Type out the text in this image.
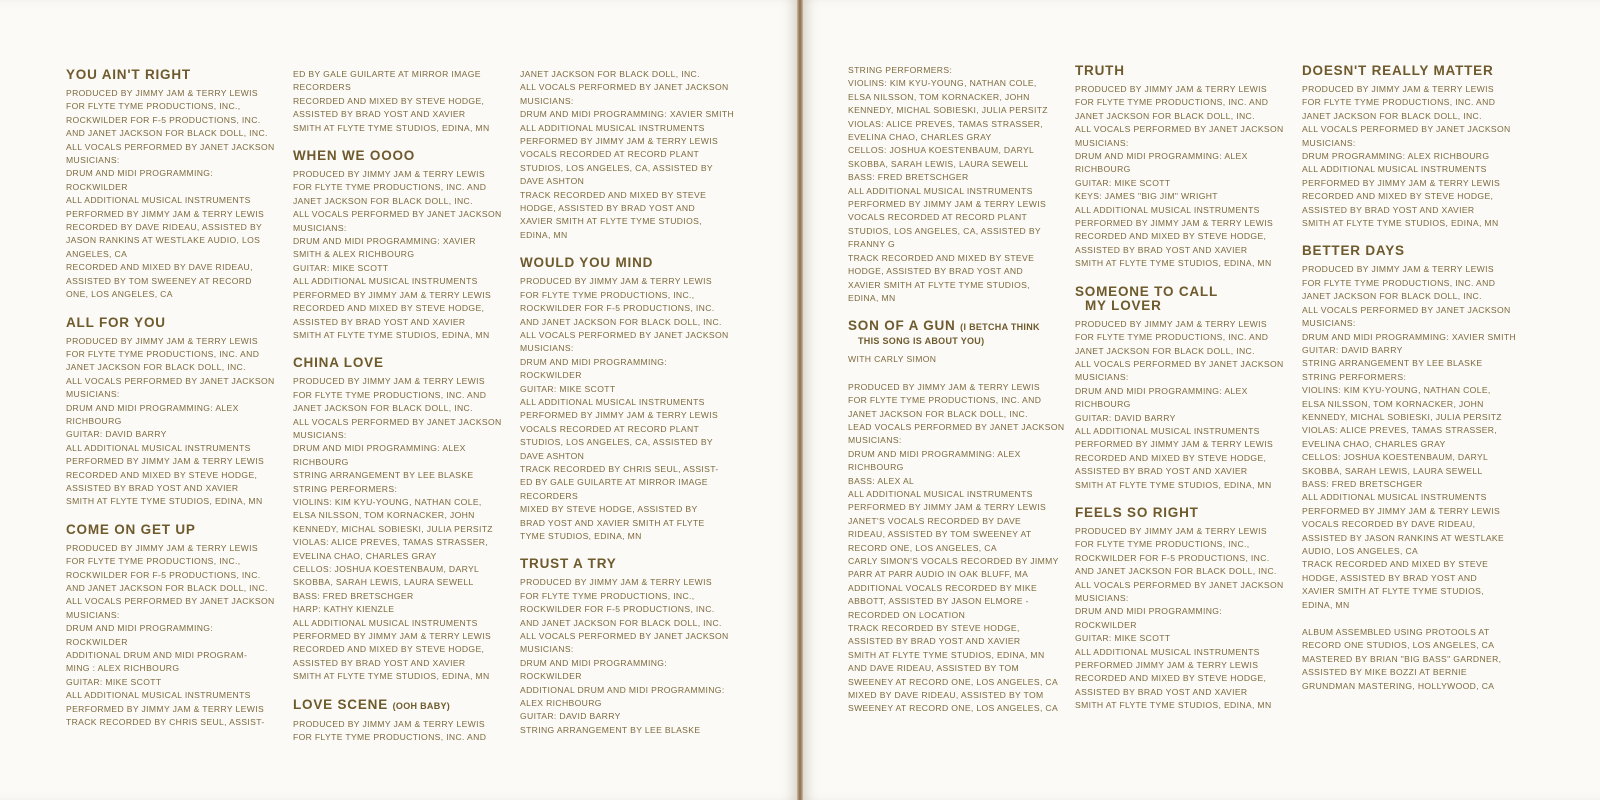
YOU AIN'T RIGHT
PRODUCED BY JIMMY JAM & TERRY LEWIS
FOR FLYTE TYME PRODUCTIONS, INC.,
ROCKWILDER FOR F-5 PRODUCTIONS, INC.
AND JANET JACKSON FOR BLACK DOLL, INC.
ALL VOCALS PERFORMED BY JANET JACKSON
MUSICIANS:
DRUM AND MIDI PROGRAMMING:
ROCKWILDER
ALL ADDITIONAL MUSICAL INSTRUMENTS
PERFORMED BY JIMMY JAM & TERRY LEWIS
RECORDED BY DAVE RIDEAU, ASSISTED BY
JASON RANKINS AT WESTLAKE AUDIO, LOS
ANGELES, CA
RECORDED AND MIXED BY DAVE RIDEAU,
ASSISTED BY TOM SWEENEY AT RECORD
ONE, LOS ANGELES, CA
ALL FOR YOU
PRODUCED BY JIMMY JAM & TERRY LEWIS
FOR FLYTE TYME PRODUCTIONS, INC. AND
JANET JACKSON FOR BLACK DOLL, INC.
ALL VOCALS PERFORMED BY JANET JACKSON
MUSICIANS:
DRUM AND MIDI PROGRAMMING: ALEX
RICHBOURG
GUITAR: DAVID BARRY
ALL ADDITIONAL MUSICAL INSTRUMENTS
PERFORMED BY JIMMY JAM & TERRY LEWIS
RECORDED AND MIXED BY STEVE HODGE,
ASSISTED BY BRAD YOST AND XAVIER
SMITH AT FLYTE TYME STUDIOS, EDINA, MN
COME ON GET UP
PRODUCED BY JIMMY JAM & TERRY LEWIS
FOR FLYTE TYME PRODUCTIONS, INC.,
ROCKWILDER FOR F-5 PRODUCTIONS, INC.
AND JANET JACKSON FOR BLACK DOLL, INC.
ALL VOCALS PERFORMED BY JANET JACKSON
MUSICIANS:
DRUM AND MIDI PROGRAMMING:
ROCKWILDER
ADDITIONAL DRUM AND MIDI PROGRAM-
MING : ALEX RICHBOURG
GUITAR: MIKE SCOTT
ALL ADDITIONAL MUSICAL INSTRUMENTS
PERFORMED BY JIMMY JAM & TERRY LEWIS
TRACK RECORDED BY CHRIS SEUL, ASSIST-
ED BY GALE GUILARTE AT MIRROR IMAGE
RECORDERS
RECORDED AND MIXED BY STEVE HODGE,
ASSISTED BY BRAD YOST AND XAVIER
SMITH AT FLYTE TYME STUDIOS, EDINA, MN
WHEN WE OOOO
PRODUCED BY JIMMY JAM & TERRY LEWIS
FOR FLYTE TYME PRODUCTIONS, INC. AND
JANET JACKSON FOR BLACK DOLL, INC.
ALL VOCALS PERFORMED BY JANET JACKSON
MUSICIANS:
DRUM AND MIDI PROGRAMMING: XAVIER
SMITH & ALEX RICHBOURG
GUITAR: MIKE SCOTT
ALL ADDITIONAL MUSICAL INSTRUMENTS
PERFORMED BY JIMMY JAM & TERRY LEWIS
RECORDED AND MIXED BY STEVE HODGE,
ASSISTED BY BRAD YOST AND XAVIER
SMITH AT FLYTE TYME STUDIOS, EDINA, MN
CHINA LOVE
PRODUCED BY JIMMY JAM & TERRY LEWIS
FOR FLYTE TYME PRODUCTIONS, INC. AND
JANET JACKSON FOR BLACK DOLL, INC.
ALL VOCALS PERFORMED BY JANET JACKSON
MUSICIANS:
DRUM AND MIDI PROGRAMMING: ALEX
RICHBOURG
STRING ARRANGEMENT BY LEE BLASKE
STRING PERFORMERS:
VIOLINS: KIM KYU-YOUNG, NATHAN COLE,
ELSA NILSSON, TOM KORNACKER, JOHN
KENNEDY, MICHAL SOBIESKI, JULIA PERSITZ
VIOLAS: ALICE PREVES, TAMAS STRASSER,
EVELINA CHAO, CHARLES GRAY
CELLOS: JOSHUA KOESTENBAUM, DARYL
SKOBBA, SARAH LEWIS, LAURA SEWELL
BASS: FRED BRETSCHGER
HARP: KATHY KIENZLE
ALL ADDITIONAL MUSICAL INSTRUMENTS
PERFORMED BY JIMMY JAM & TERRY LEWIS
RECORDED AND MIXED BY STEVE HODGE,
ASSISTED BY BRAD YOST AND XAVIER
SMITH AT FLYTE TYME STUDIOS, EDINA, MN
LOVE SCENE (OOH BABY)
PRODUCED BY JIMMY JAM & TERRY LEWIS
FOR FLYTE TYME PRODUCTIONS, INC. AND
JANET JACKSON FOR BLACK DOLL, INC.
ALL VOCALS PERFORMED BY JANET JACKSON
MUSICIANS:
DRUM AND MIDI PROGRAMMING: XAVIER SMITH
ALL ADDITIONAL MUSICAL INSTRUMENTS
PERFORMED BY JIMMY JAM & TERRY LEWIS
VOCALS RECORDED AT RECORD PLANT
STUDIOS, LOS ANGELES, CA, ASSISTED BY
DAVE ASHTON
TRACK RECORDED AND MIXED BY STEVE
HODGE, ASSISTED BY BRAD YOST AND
XAVIER SMITH AT FLYTE TYME STUDIOS,
EDINA, MN
WOULD YOU MIND
PRODUCED BY JIMMY JAM & TERRY LEWIS
FOR FLYTE TYME PRODUCTIONS, INC.,
ROCKWILDER FOR F-5 PRODUCTIONS, INC.
AND JANET JACKSON FOR BLACK DOLL, INC.
ALL VOCALS PERFORMED BY JANET JACKSON
MUSICIANS:
DRUM AND MIDI PROGRAMMING:
ROCKWILDER
GUITAR: MIKE SCOTT
ALL ADDITIONAL MUSICAL INSTRUMENTS
PERFORMED BY JIMMY JAM & TERRY LEWIS
VOCALS RECORDED AT RECORD PLANT
STUDIOS, LOS ANGELES, CA, ASSISTED BY
DAVE ASHTON
TRACK RECORDED BY CHRIS SEUL, ASSIST-
ED BY GALE GUILARTE AT MIRROR IMAGE
RECORDERS
MIXED BY STEVE HODGE, ASSISTED BY
BRAD YOST AND XAVIER SMITH AT FLYTE
TYME STUDIOS, EDINA, MN
TRUST A TRY
PRODUCED BY JIMMY JAM & TERRY LEWIS
FOR FLYTE TYME PRODUCTIONS, INC.,
ROCKWILDER FOR F-5 PRODUCTIONS, INC.
AND JANET JACKSON FOR BLACK DOLL, INC.
ALL VOCALS PERFORMED BY JANET JACKSON
MUSICIANS:
DRUM AND MIDI PROGRAMMING:
ROCKWILDER
ADDITIONAL DRUM AND MIDI PROGRAMMING:
ALEX RICHBOURG
GUITAR: DAVID BARRY
STRING ARRANGEMENT BY LEE BLASKE
STRING PERFORMERS:
VIOLINS: KIM KYU-YOUNG, NATHAN COLE,
ELSA NILSSON, TOM KORNACKER, JOHN
KENNEDY, MICHAL SOBIESKI, JULIA PERSITZ
VIOLAS: ALICE PREVES, TAMAS STRASSER,
EVELINA CHAO, CHARLES GRAY
CELLOS: JOSHUA KOESTENBAUM, DARYL
SKOBBA, SARAH LEWIS, LAURA SEWELL
BASS: FRED BRETSCHGER
ALL ADDITIONAL MUSICAL INSTRUMENTS
PERFORMED BY JIMMY JAM & TERRY LEWIS
VOCALS RECORDED AT RECORD PLANT
STUDIOS, LOS ANGELES, CA, ASSISTED BY
FRANNY G
TRACK RECORDED AND MIXED BY STEVE
HODGE, ASSISTED BY BRAD YOST AND
XAVIER SMITH AT FLYTE TYME STUDIOS,
EDINA, MN
SON OF A GUN (I BETCHA THINK
THIS SONG IS ABOUT YOU)
WITH CARLY SIMON
PRODUCED BY JIMMY JAM & TERRY LEWIS
FOR FLYTE TYME PRODUCTIONS, INC. AND
JANET JACKSON FOR BLACK DOLL, INC.
LEAD VOCALS PERFORMED BY JANET JACKSON
MUSICIANS:
DRUM AND MIDI PROGRAMMING: ALEX
RICHBOURG
BASS: ALEX AL
ALL ADDITIONAL MUSICAL INSTRUMENTS
PERFORMED BY JIMMY JAM & TERRY LEWIS
JANET'S VOCALS RECORDED BY DAVE
RIDEAU, ASSISTED BY TOM SWEENEY AT
RECORD ONE, LOS ANGELES, CA
CARLY SIMON'S VOCALS RECORDED BY JIMMY
PARR AT PARR AUDIO IN OAK BLUFF, MA
ADDITIONAL VOCALS RECORDED BY MIKE
ABBOTT, ASSISTED BY JASON ELMORE -
RECORDED ON LOCATION
TRACK RECORDED BY STEVE HODGE,
ASSISTED BY BRAD YOST AND XAVIER
SMITH AT FLYTE TYME STUDIOS, EDINA, MN
AND DAVE RIDEAU, ASSISTED BY TOM
SWEENEY AT RECORD ONE, LOS ANGELES, CA
MIXED BY DAVE RIDEAU, ASSISTED BY TOM
SWEENEY AT RECORD ONE, LOS ANGELES, CA
TRUTH
PRODUCED BY JIMMY JAM & TERRY LEWIS
FOR FLYTE TYME PRODUCTIONS, INC. AND
JANET JACKSON FOR BLACK DOLL, INC.
ALL VOCALS PERFORMED BY JANET JACKSON
MUSICIANS:
DRUM AND MIDI PROGRAMMING: ALEX
RICHBOURG
GUITAR: MIKE SCOTT
KEYS: JAMES "BIG JIM" WRIGHT
ALL ADDITIONAL MUSICAL INSTRUMENTS
PERFORMED BY JIMMY JAM & TERRY LEWIS
RECORDED AND MIXED BY STEVE HODGE,
ASSISTED BY BRAD YOST AND XAVIER
SMITH AT FLYTE TYME STUDIOS, EDINA, MN
SOMEONE TO CALL
MY LOVER
PRODUCED BY JIMMY JAM & TERRY LEWIS
FOR FLYTE TYME PRODUCTIONS, INC. AND
JANET JACKSON FOR BLACK DOLL, INC.
ALL VOCALS PERFORMED BY JANET JACKSON
MUSICIANS:
DRUM AND MIDI PROGRAMMING: ALEX
RICHBOURG
GUITAR: DAVID BARRY
ALL ADDITIONAL MUSICAL INSTRUMENTS
PERFORMED BY JIMMY JAM & TERRY LEWIS
RECORDED AND MIXED BY STEVE HODGE,
ASSISTED BY BRAD YOST AND XAVIER
SMITH AT FLYTE TYME STUDIOS, EDINA, MN
FEELS SO RIGHT
PRODUCED BY JIMMY JAM & TERRY LEWIS
FOR FLYTE TYME PRODUCTIONS, INC.,
ROCKWILDER FOR F-5 PRODUCTIONS, INC.
AND JANET JACKSON FOR BLACK DOLL, INC.
ALL VOCALS PERFORMED BY JANET JACKSON
MUSICIANS:
DRUM AND MIDI PROGRAMMING:
ROCKWILDER
GUITAR: MIKE SCOTT
ALL ADDITIONAL MUSICAL INSTRUMENTS
PERFORMED JIMMY JAM & TERRY LEWIS
RECORDED AND MIXED BY STEVE HODGE,
ASSISTED BY BRAD YOST AND XAVIER
SMITH AT FLYTE TYME STUDIOS, EDINA, MN
DOESN'T REALLY MATTER
PRODUCED BY JIMMY JAM & TERRY LEWIS
FOR FLYTE TYME PRODUCTIONS, INC. AND
JANET JACKSON FOR BLACK DOLL, INC.
ALL VOCALS PERFORMED BY JANET JACKSON
MUSICIANS:
DRUM PROGRAMMING: ALEX RICHBOURG
ALL ADDITIONAL MUSICAL INSTRUMENTS
PERFORMED BY JIMMY JAM & TERRY LEWIS
RECORDED AND MIXED BY STEVE HODGE,
ASSISTED BY BRAD YOST AND XAVIER
SMITH AT FLYTE TYME STUDIOS, EDINA, MN
BETTER DAYS
PRODUCED BY JIMMY JAM & TERRY LEWIS
FOR FLYTE TYME PRODUCTIONS, INC. AND
JANET JACKSON FOR BLACK DOLL, INC.
ALL VOCALS PERFORMED BY JANET JACKSON
MUSICIANS:
DRUM AND MIDI PROGRAMMING: XAVIER SMITH
GUITAR: DAVID BARRY
STRING ARRANGEMENT BY LEE BLASKE
STRING PERFORMERS:
VIOLINS: KIM KYU-YOUNG, NATHAN COLE,
ELSA NILSSON, TOM KORNACKER, JOHN
KENNEDY, MICHAL SOBIESKI, JULIA PERSITZ
VIOLAS: ALICE PREVES, TAMAS STRASSER,
EVELINA CHAO, CHARLES GRAY
CELLOS: JOSHUA KOESTENBAUM, DARYL
SKOBBA, SARAH LEWIS, LAURA SEWELL
BASS: FRED BRETSCHGER
ALL ADDITIONAL MUSICAL INSTRUMENTS
PERFORMED BY JIMMY JAM & TERRY LEWIS
VOCALS RECORDED BY DAVE RIDEAU,
ASSISTED BY JASON RANKINS AT WESTLAKE
AUDIO, LOS ANGELES, CA
TRACK RECORDED AND MIXED BY STEVE
HODGE, ASSISTED BY BRAD YOST AND
XAVIER SMITH AT FLYTE TYME STUDIOS,
EDINA, MN
ALBUM ASSEMBLED USING PROTOOLS AT
RECORD ONE STUDIOS, LOS ANGELES, CA
MASTERED BY BRIAN "BIG BASS" GARDNER,
ASSISTED BY MIKE BOZZI AT BERNIE
GRUNDMAN MASTERING, HOLLYWOOD, CA
